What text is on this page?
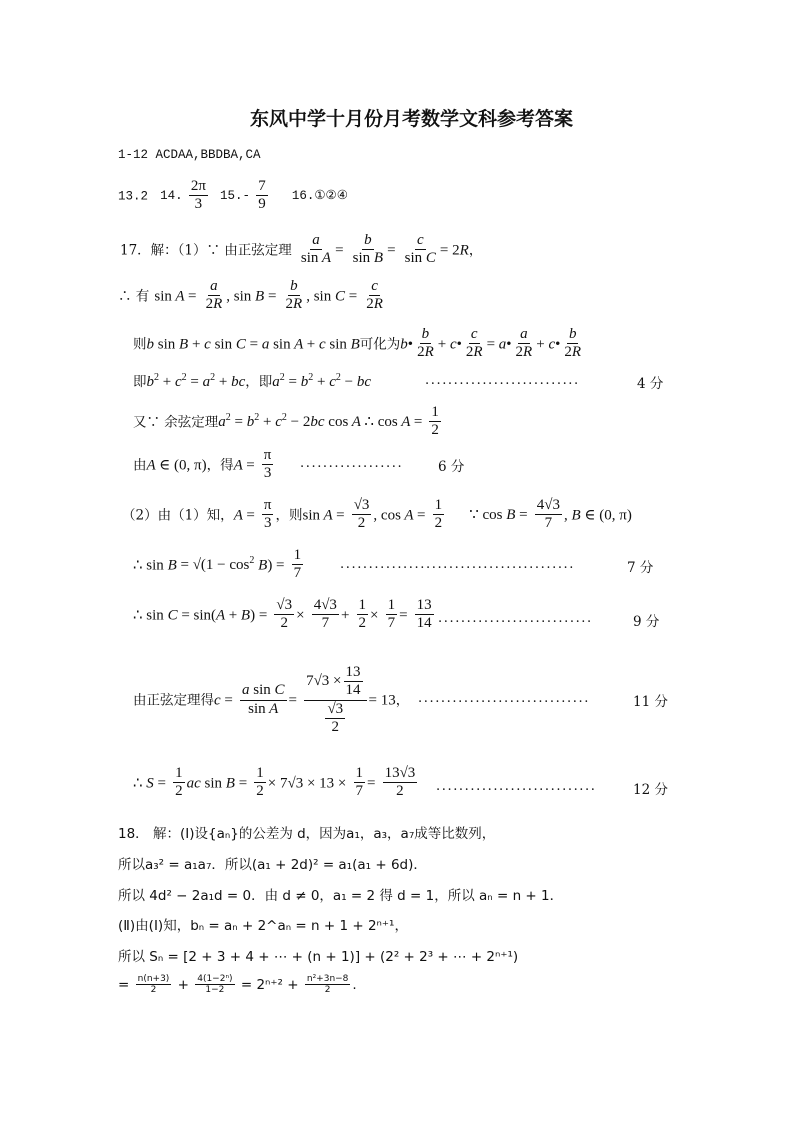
东风中学十月份月考数学文科参考答案
1-12 ACDAA,BBDBA,CA
13.2 14. $\frac{2\pi}{3} 15.- \frac{7}{9}$ 16.①②④
17．解：（1）∵ 由正弦定理 $\frac{a}{\text{sin A}} = \frac{b}{\text{sin B}} = \frac{c}{\text{sin C}} = 2R$，
∴ 有 $\sin A = \frac{a}{2R}$ , $\sin B = \frac{b}{2R}$ , $\sin C = \frac{c}{2R}$
则b sin B + c sin C = a sin A + c sin B可化为b• $\frac{b}{2R}$ + c• $\frac{c}{2R}$ = a• $\frac{a}{2R}$ + c• $\frac{b}{2R}$
即$b^2 + c^2 = a^2$ + bc，即$a^2 = b^2 + c^2$ − bc	...........................	4 分
又∵ 余弦定理$a^2 = b^2 + c^2 - 2bc$ cos A ∴ $\cos A = \frac{1}{2}$
由A ∈ (0, π)，得$A = \frac{\pi}{3}$ ..................	6 分
（2）由（1）知，$A = \frac{\pi}{3}$ ，则$\sin A = \frac{√3}{2}$ , $\cos A = \frac{1}{2}$ ∵ $\cos B = \frac{4√3}{7}$ , B ∈ (0, π)
∴ $\sin B = √(1 - \cos^2 B) = \frac{1}{7}$	.........................................	7 分
∴ $\sin C = \sin(A + B) = \frac{√3}{2} \times \frac{4√3}{7} + \frac{1}{2} \times \frac{1}{7} = \frac{13}{14}$ ...........................	9 分
由正弦定理得$c = \frac{\text{a sin C}}{\text{sin A}} = \frac{7√3 \times \frac{13}{14}}{\frac{√3}{2}} = 13$， ..............................	11 分
∴ $S = \frac{1}{2}$ ac $\sin B = \frac{1}{2} \times 7√3 \times 13 \times \frac{1}{7} = \frac{13√3}{2}$ ............................	12 分
18． 解：(Ⅰ)设{aₙ}的公差为 d，因为a₁，a₃，a₇成等比数列，
所以a₃² = a₁a₇．所以(a₁ + 2d)² = a₁(a₁ + 6d)．
所以 4d² − 2a₁d = 0．由 d ≠ 0，a₁ = 2 得 d = 1，所以 aₙ = n + 1．
(Ⅱ)由(Ⅰ)知，bₙ = aₙ + 2^aₙ = n + 1 + 2ⁿ⁺¹，
所以 Sₙ = [2 + 3 + 4 + ⋯ + (n + 1)] + (2² + 2³ + ⋯ + 2ⁿ⁺¹)
= $\frac{n(n+3)}{2} + \frac{\text{4(1−2ⁿ)}}{1-2} = 2^{n+2} + \frac{\text{n²+3n−8}}{2}$ .
